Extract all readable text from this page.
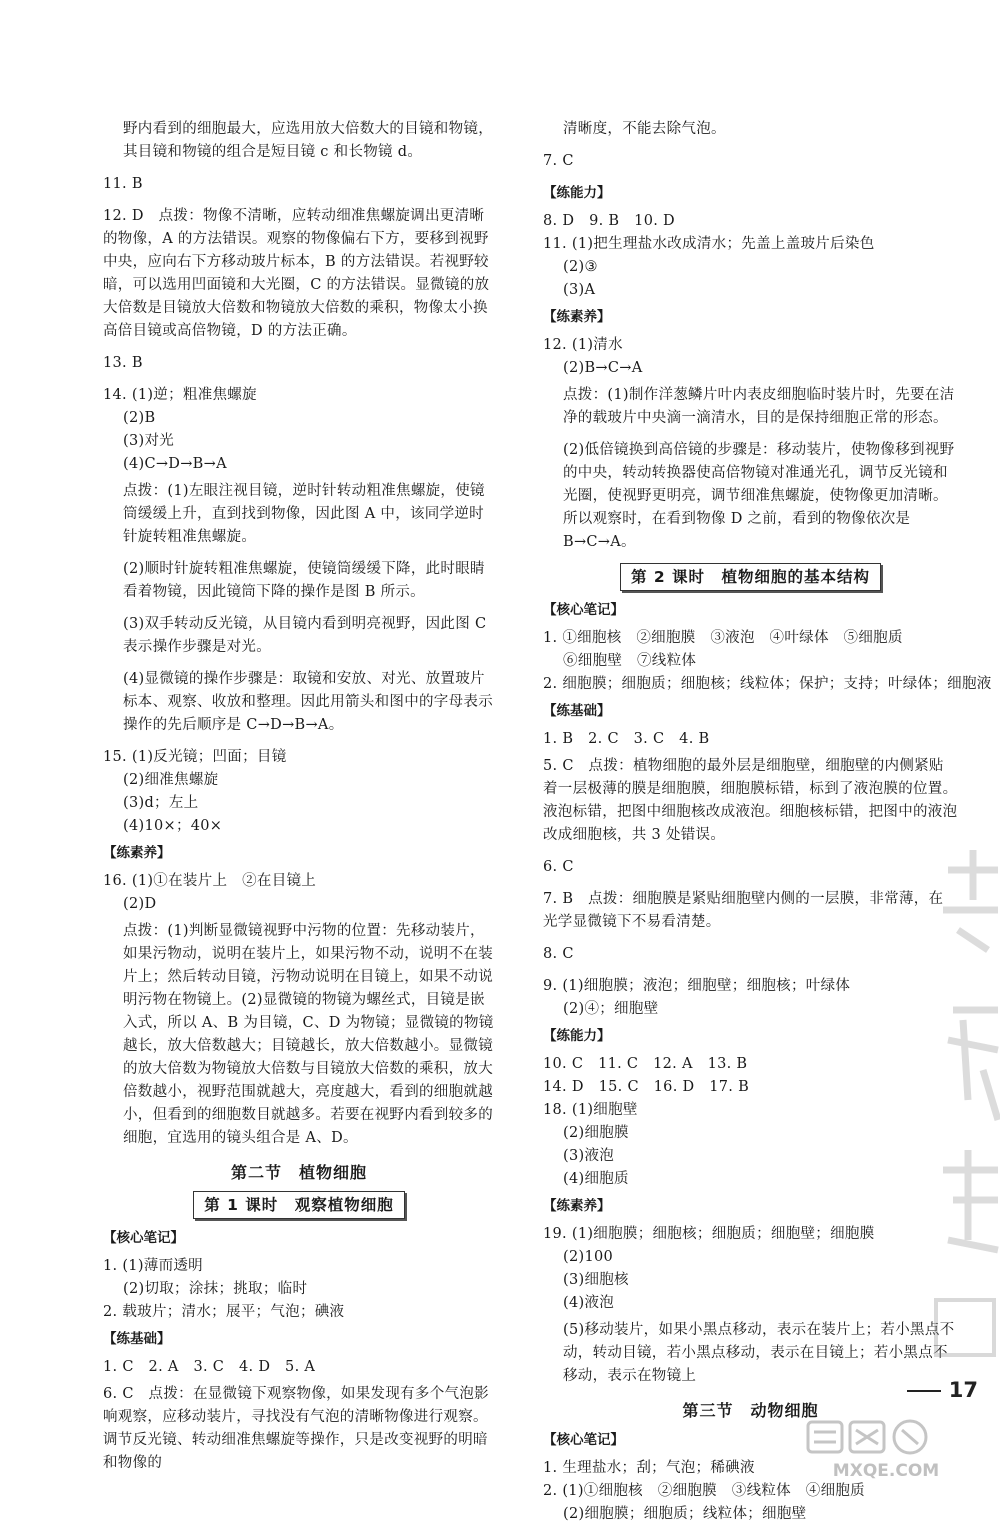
野内看到的细胞最大，应选用放大倍数大的目镜和物镜，其目镜和物镜的组合是短目镜 c 和长物镜 d。
11. B
12. D　点拨：物像不清晰，应转动细准焦螺旋调出更清晰的物像，A 的方法错误。观察的物像偏右下方，要移到视野中央，应向右下方移动玻片标本，B 的方法错误。若视野较暗，可以选用凹面镜和大光圈，C 的方法错误。显微镜的放大倍数是目镜放大倍数和物镜放大倍数的乘积，物像太小换高倍目镜或高倍物镜，D 的方法正确。
13. B
14. (1)逆；粗准焦螺旋
(2)B
(3)对光
(4)C→D→B→A
点拨：(1)左眼注视目镜，逆时针转动粗准焦螺旋，使镜筒缓缓上升，直到找到物像，因此图 A 中，该同学逆时针旋转粗准焦螺旋。
(2)顺时针旋转粗准焦螺旋，使镜筒缓缓下降，此时眼睛看着物镜，因此镜筒下降的操作是图 B 所示。
(3)双手转动反光镜，从目镜内看到明亮视野，因此图 C 表示操作步骤是对光。
(4)显微镜的操作步骤是：取镜和安放、对光、放置玻片标本、观察、收放和整理。因此用箭头和图中的字母表示操作的先后顺序是 C→D→B→A。
15. (1)反光镜；凹面；目镜
(2)细准焦螺旋
(3)d；左上
(4)10×；40×
【练素养】
16. (1)①在装片上　②在目镜上
(2)D
点拨：(1)判断显微镜视野中污物的位置：先移动装片，如果污物动，说明在装片上，如果污物不动，说明不在装片上；然后转动目镜，污物动说明在目镜上，如果不动说明污物在物镜上。(2)显微镜的物镜为螺丝式，目镜是嵌入式，所以 A、B 为目镜，C、D 为物镜；显微镜的物镜越长，放大倍数越大；目镜越长，放大倍数越小。显微镜的放大倍数为物镜放大倍数与目镜放大倍数的乘积，放大倍数越小，视野范围就越大，亮度越大，看到的细胞就越小，但看到的细胞数目就越多。若要在视野内看到较多的细胞，宜选用的镜头组合是 A、D。
第二节　植物细胞
第 1 课时　观察植物细胞
【核心笔记】
1. (1)薄而透明
(2)切取；涂抹；挑取；临时
2. 载玻片；清水；展平；气泡；碘液
【练基础】
1. C　2. A　3. C　4. D　5. A
6. C　点拨：在显微镜下观察物像，如果发现有多个气泡影响观察，应移动装片，寻找没有气泡的清晰物像进行观察。调节反光镜、转动细准焦螺旋等操作，只是改变视野的明暗和物像的
清晰度，不能去除气泡。
7. C
【练能力】
8. D　9. B　10. D
11. (1)把生理盐水改成清水；先盖上盖玻片后染色
(2)③
(3)A
【练素养】
12. (1)清水
(2)B→C→A
点拨：(1)制作洋葱鳞片叶内表皮细胞临时装片时，先要在洁净的载玻片中央滴一滴清水，目的是保持细胞正常的形态。
(2)低倍镜换到高倍镜的步骤是：移动装片，使物像移到视野的中央，转动转换器使高倍物镜对准通光孔，调节反光镜和光圈，使视野更明亮，调节细准焦螺旋，使物像更加清晰。所以观察时，在看到物像 D 之前，看到的物像依次是 B→C→A。
第 2 课时　植物细胞的基本结构
【核心笔记】
1. ①细胞核　②细胞膜　③液泡　④叶绿体　⑤细胞质
⑥细胞壁　⑦线粒体
2. 细胞膜；细胞质；细胞核；线粒体；保护；支持；叶绿体；细胞液
【练基础】
1. B　2. C　3. C　4. B
5. C　点拨：植物细胞的最外层是细胞壁，细胞壁的内侧紧贴着一层极薄的膜是细胞膜，细胞膜标错，标到了液泡膜的位置。液泡标错，把图中细胞核改成液泡。细胞核标错，把图中的液泡改成细胞核，共 3 处错误。
6. C
7. B　点拨：细胞膜是紧贴细胞壁内侧的一层膜，非常薄，在光学显微镜下不易看清楚。
8. C
9. (1)细胞膜；液泡；细胞壁；细胞核；叶绿体
(2)④；细胞壁
【练能力】
10. C　11. C　12. A　13. B
14. D　15. C　16. D　17. B
18. (1)细胞壁
(2)细胞膜
(3)液泡
(4)细胞质
【练素养】
19. (1)细胞膜；细胞核；细胞质；细胞壁；细胞膜
(2)100
(3)细胞核
(4)液泡
(5)移动装片，如果小黑点移动，表示在装片上；若小黑点不动，转动目镜，若小黑点移动，表示在目镜上；若小黑点不移动，表示在物镜上
第三节　动物细胞
【核心笔记】
1. 生理盐水；刮；气泡；稀碘液
2. (1)①细胞核　②细胞膜　③线粒体　④细胞质
(2)细胞膜；细胞质；线粒体；细胞壁
17
MXQE.COM
